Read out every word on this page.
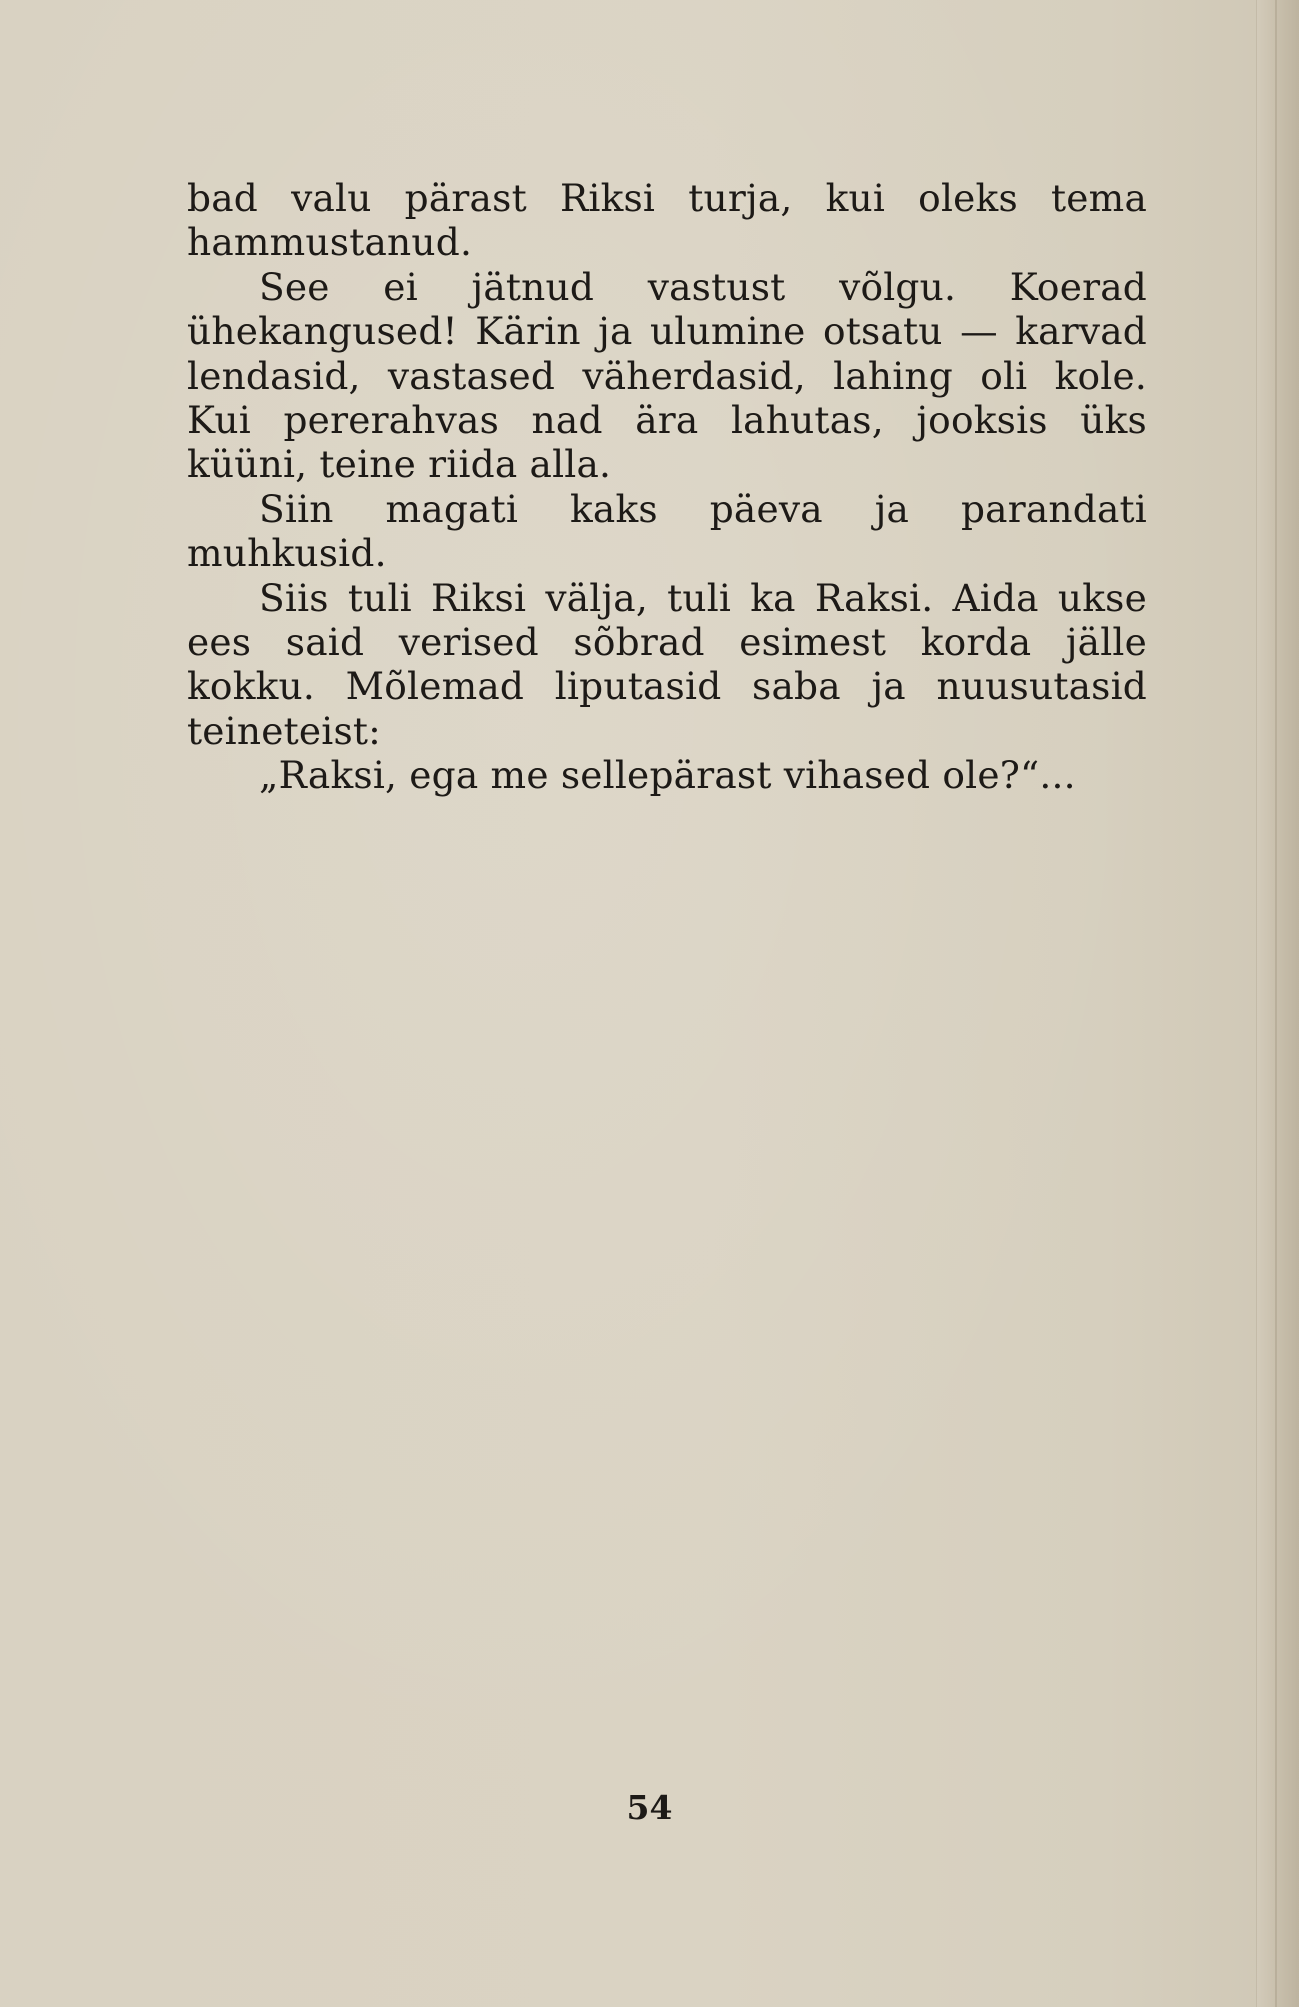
bad valu pärast Riksi turja, kui oleks tema hammustanud.

See ei jätnud vastust võlgu. Koerad ühekangused! Kärin ja ulumine otsatu — karvad lendasid, vastased väherdasid, lahing oli kole. Kui pererahvas nad ära lahutas, jooksis üks küüni, teine riida alla.

Siin magati kaks päeva ja parandati muhkusid.

Siis tuli Riksi välja, tuli ka Raksi. Aida ukse ees said verised sõbrad esimest korda jälle kokku. Mõlemad liputasid saba ja nuusutasid teineteist:

„Raksi, ega me sellepärast vihased ole?“...

54
